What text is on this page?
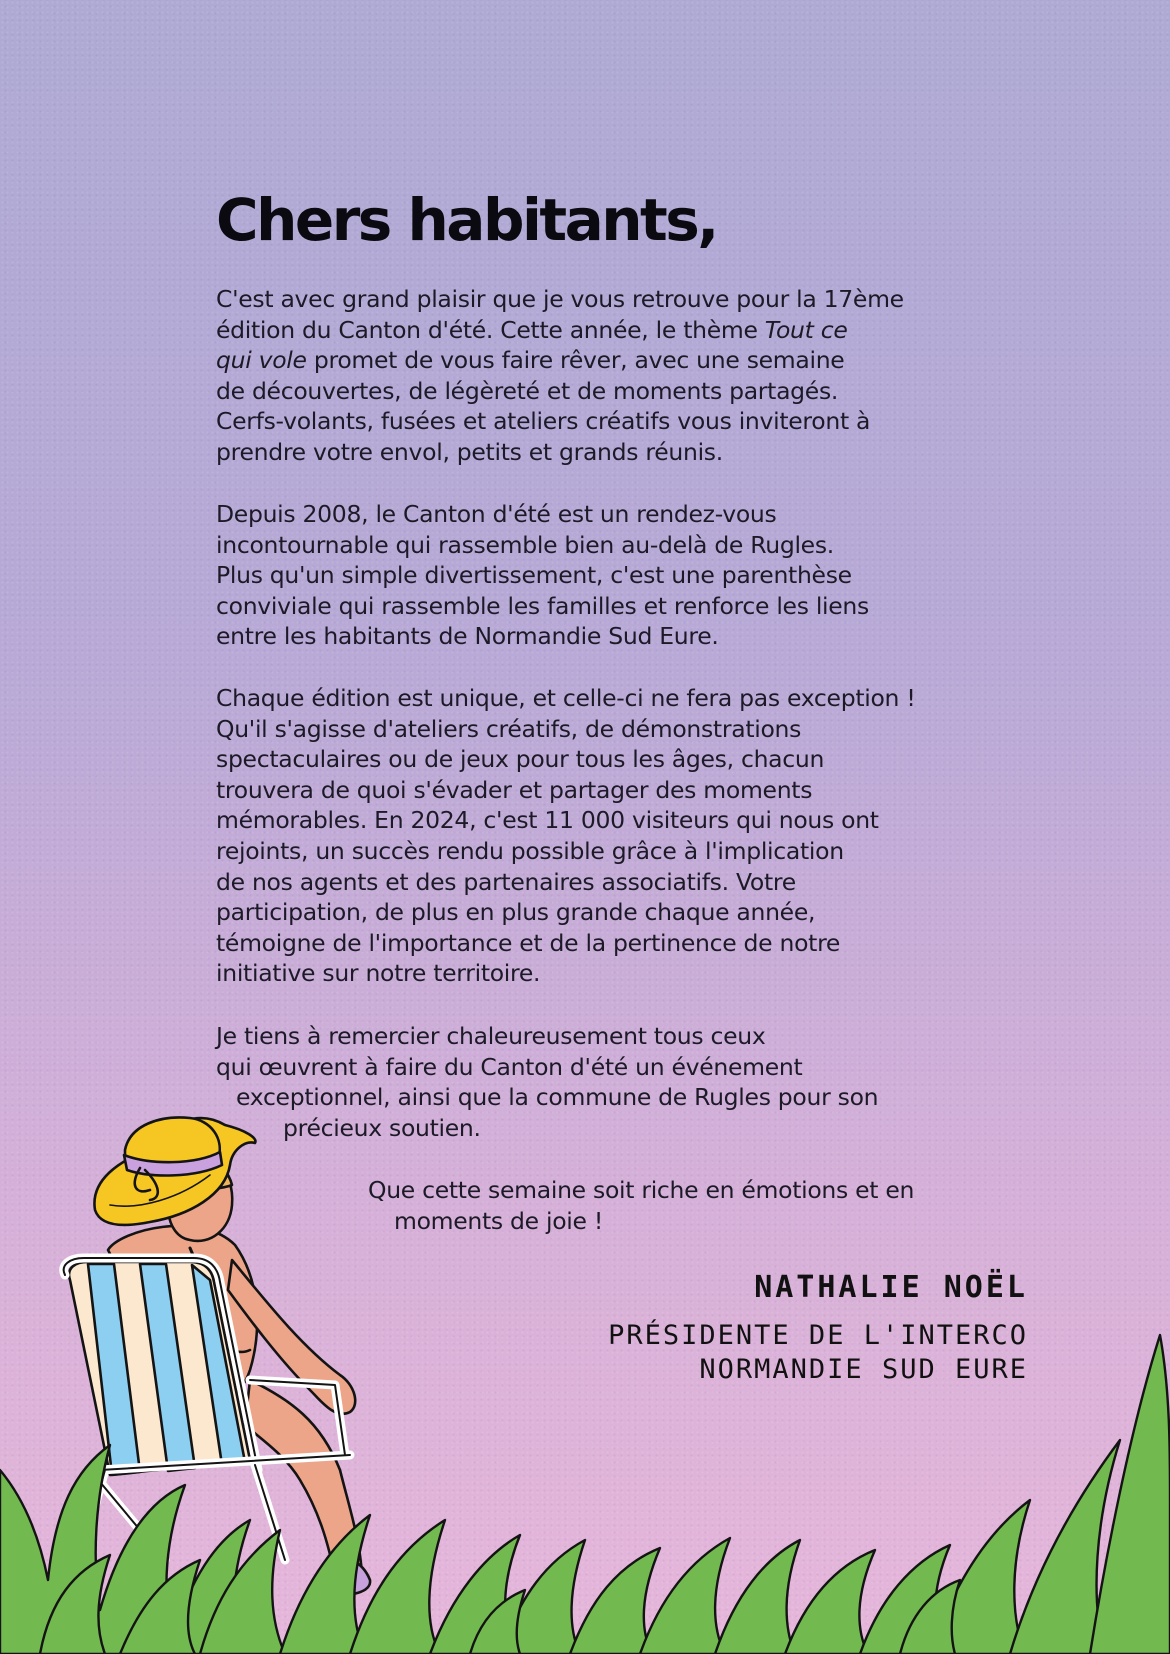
Chers habitants,

C'est avec grand plaisir que je vous retrouve pour la 17ème
édition du Canton d'été. Cette année, le thème Tout ce
qui vole promet de vous faire rêver, avec une semaine
de découvertes, de légèreté et de moments partagés.
Cerfs-volants, fusées et ateliers créatifs vous inviteront à
prendre votre envol, petits et grands réunis.

Depuis 2008, le Canton d'été est un rendez-vous
incontournable qui rassemble bien au-delà de Rugles.
Plus qu'un simple divertissement, c'est une parenthèse
conviviale qui rassemble les familles et renforce les liens
entre les habitants de Normandie Sud Eure.

Chaque édition est unique, et celle-ci ne fera pas exception !
Qu'il s'agisse d'ateliers créatifs, de démonstrations
spectaculaires ou de jeux pour tous les âges, chacun
trouvera de quoi s'évader et partager des moments
mémorables. En 2024, c'est 11 000 visiteurs qui nous ont
rejoints, un succès rendu possible grâce à l'implication
de nos agents et des partenaires associatifs. Votre
participation, de plus en plus grande chaque année,
témoigne de l'importance et de la pertinence de notre
initiative sur notre territoire.

Je tiens à remercier chaleureusement tous ceux
qui œuvrent à faire du Canton d'été un événement
exceptionnel, ainsi que la commune de Rugles pour son
précieux soutien.

Que cette semaine soit riche en émotions et en
moments de joie !

NATHALIE NOËL
PRÉSIDENTE DE L'INTERCO
NORMANDIE SUD EURE
